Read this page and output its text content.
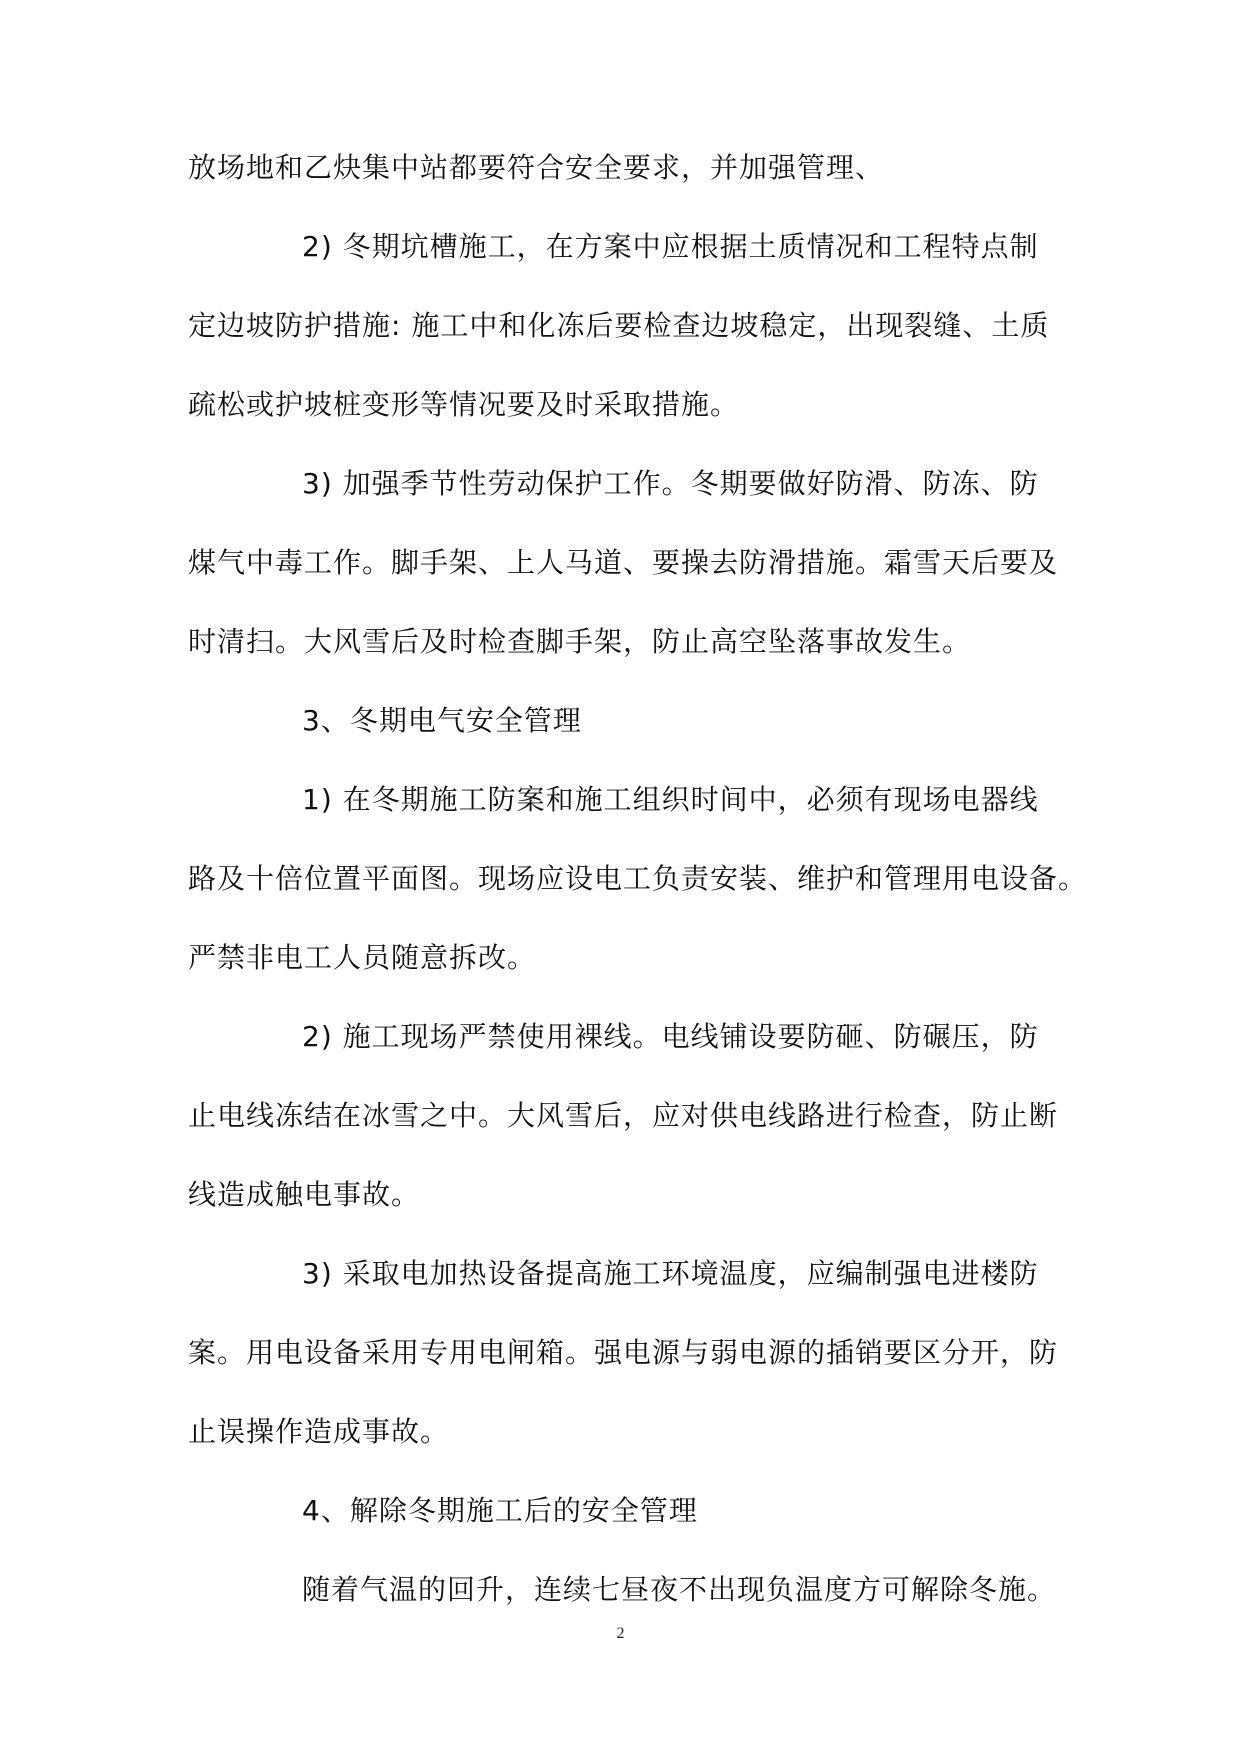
放场地和乙炔集中站都要符合安全要求，并加强管理、
2) 冬期坑槽施工，在方案中应根据土质情况和工程特点制
定边坡防护措施: 施工中和化冻后要检查边坡稳定，出现裂缝、土质
疏松或护坡桩变形等情况要及时采取措施。
3) 加强季节性劳动保护工作。冬期要做好防滑、防冻、防
煤气中毒工作。脚手架、上人马道、要操去防滑措施。霜雪天后要及
时清扫。大风雪后及时检查脚手架，防止高空坠落事故发生。
3、冬期电气安全管理
1) 在冬期施工防案和施工组织时间中，必须有现场电器线
路及十倍位置平面图。现场应设电工负责安装、维护和管理用电设备。
严禁非电工人员随意拆改。
2) 施工现场严禁使用裸线。电线铺设要防砸、防碾压，防
止电线冻结在冰雪之中。大风雪后，应对供电线路进行检查，防止断
线造成触电事故。
3) 采取电加热设备提高施工环境温度，应编制强电进楼防
案。用电设备采用专用电闸箱。强电源与弱电源的插销要区分开，防
止误操作造成事故。
4、解除冬期施工后的安全管理
随着气温的回升，连续七昼夜不出现负温度方可解除冬施。
2
